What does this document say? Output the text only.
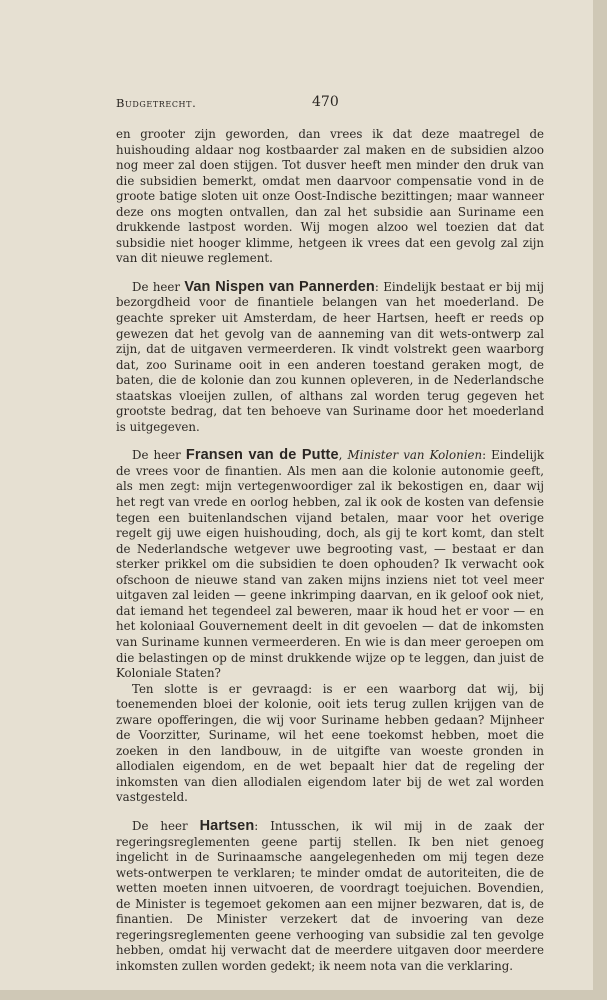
Budgetrecht.	470

en grooter zijn geworden, dan vrees ik dat deze maatregel de huishouding aldaar nog kostbaarder zal maken en de subsidien alzoo nog meer zal doen stijgen. Tot dusver heeft men minder den druk van die subsidien bemerkt, omdat men daarvoor compensatie vond in de groote batige sloten uit onze Oost-Indische bezittingen; maar wanneer deze ons mogten ontvallen, dan zal het subsidie aan Suriname een drukkende lastpost worden. Wij mogen alzoo wel toezien dat dat subsidie niet hooger klimme, hetgeen ik vrees dat een gevolg zal zijn van dit nieuwe reglement.

De heer Van Nispen van Pannerden: Eindelijk bestaat er bij mij bezorgdheid voor de finantiele belangen van het moederland. De geachte spreker uit Amsterdam, de heer Hartsen, heeft er reeds op gewezen dat het gevolg van de aanneming van dit wets-ontwerp zal zijn, dat de uitgaven vermeerderen. Ik vindt volstrekt geen waarborg dat, zoo Suriname ooit in een anderen toestand geraken mogt, de baten, die de kolonie dan zou kunnen opleveren, in de Nederlandsche staatskas vloeijen zullen, of althans zal worden terug gegeven het grootste bedrag, dat ten behoeve van Suriname door het moederland is uitgegeven.

De heer Fransen van de Putte, Minister van Kolonien: Eindelijk de vrees voor de finantien. Als men aan die kolonie autonomie geeft, als men zegt: mijn vertegenwoordiger zal ik bekostigen en, daar wij het regt van vrede en oorlog hebben, zal ik ook de kosten van defensie tegen een buitenlandschen vijand betalen, maar voor het overige regelt gij uwe eigen huishouding, doch, als gij te kort komt, dan stelt de Nederlandsche wetgever uwe begrooting vast, — bestaat er dan sterker prikkel om die subsidien te doen ophouden? Ik verwacht ook ofschoon de nieuwe stand van zaken mijns inziens niet tot veel meer uitgaven zal leiden — geene inkrimping daarvan, en ik geloof ook niet, dat iemand het tegendeel zal beweren, maar ik houd het er voor — en het koloniaal Gouvernement deelt in dit gevoelen — dat de inkomsten van Suriname kunnen vermeerderen. En wie is dan meer geroepen om die belastingen op de minst drukkende wijze op te leggen, dan juist de Koloniale Staten?

Ten slotte is er gevraagd: is er een waarborg dat wij, bij toenemenden bloei der kolonie, ooit iets terug zullen krijgen van de zware opofferingen, die wij voor Suriname hebben gedaan? Mijnheer de Voorzitter, Suriname, wil het eene toekomst hebben, moet die zoeken in den landbouw, in de uitgifte van woeste gronden in allodialen eigendom, en de wet bepaalt hier dat de regeling der inkomsten van dien allodialen eigendom later bij de wet zal worden vastgesteld.

De heer Hartsen: Intusschen, ik wil mij in de zaak der regeringsreglementen geene partij stellen. Ik ben niet genoeg ingelicht in de Surinaamsche aangelegenheden om mij tegen deze wets-ontwerpen te verklaren; te minder omdat de autoriteiten, die de wetten moeten innen uitvoeren, de voordragt toejuichen. Bovendien, de Minister is tegemoet gekomen aan een mijner bezwaren, dat is, de finantien. De Minister verzekert dat de invoering van deze regeringsreglementen geene verhooging van subsidie zal ten gevolge hebben, omdat hij verwacht dat de meerdere uitgaven door meerdere inkomsten zullen worden gedekt; ik neem nota van die verklaring.
